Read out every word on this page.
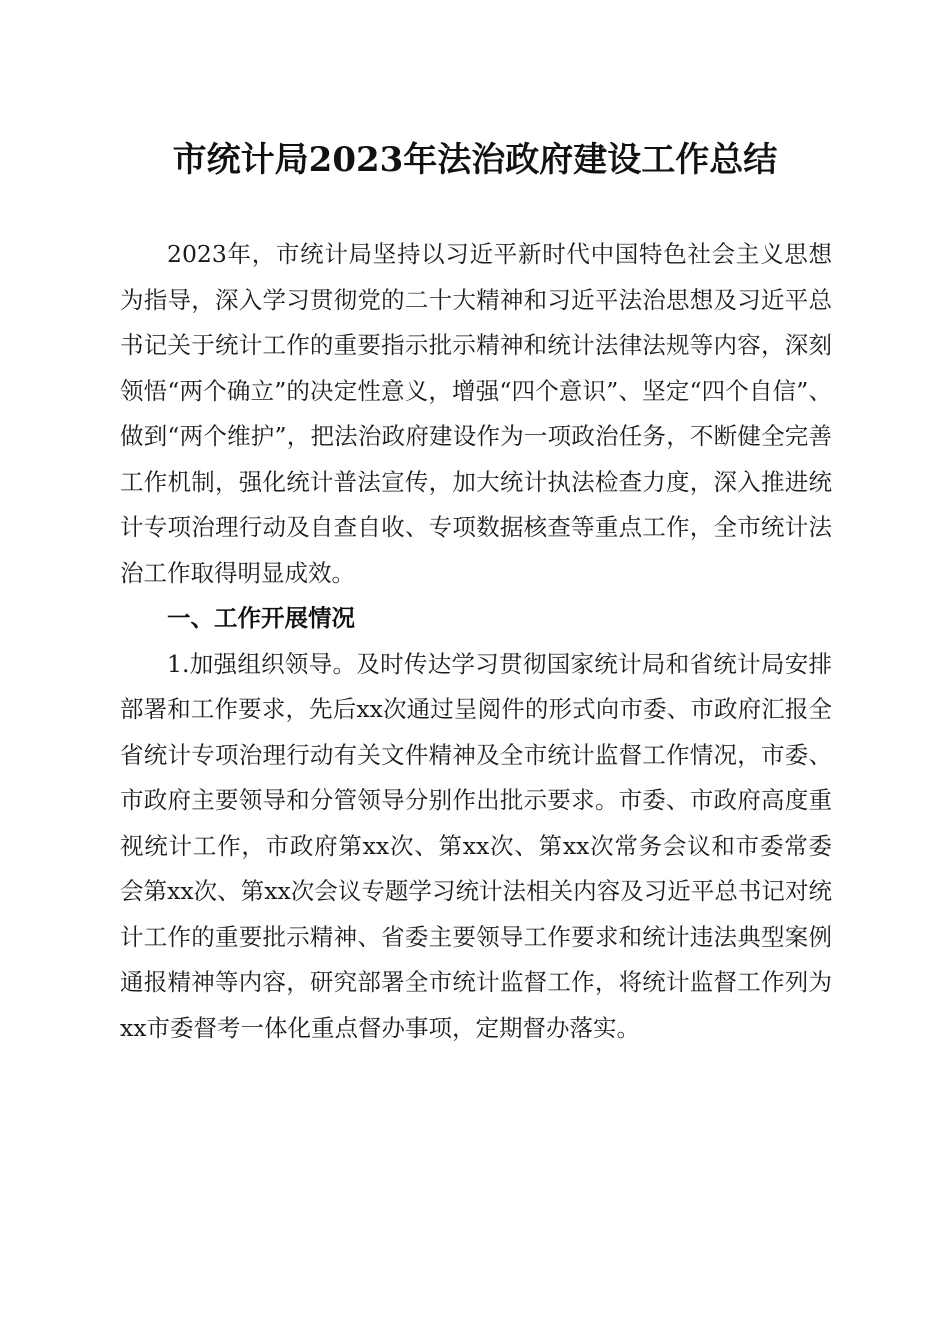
市统计局2023年法治政府建设工作总结

2023年，市统计局坚持以习近平新时代中国特色社会主义思想为指导，深入学习贯彻党的二十大精神和习近平法治思想及习近平总书记关于统计工作的重要指示批示精神和统计法律法规等内容，深刻领悟“两个确立”的决定性意义，增强“四个意识”、坚定“四个自信”、做到“两个维护”，把法治政府建设作为一项政治任务，不断健全完善工作机制，强化统计普法宣传，加大统计执法检查力度，深入推进统计专项治理行动及自查自收、专项数据核查等重点工作，全市统计法治工作取得明显成效。

一、工作开展情况

1.加强组织领导。及时传达学习贯彻国家统计局和省统计局安排部署和工作要求，先后xx次通过呈阅件的形式向市委、市政府汇报全省统计专项治理行动有关文件精神及全市统计监督工作情况，市委、市政府主要领导和分管领导分别作出批示要求。市委、市政府高度重视统计工作，市政府第xx次、第xx次、第xx次常务会议和市委常委会第xx次、第xx次会议专题学习统计法相关内容及习近平总书记对统计工作的重要批示精神、省委主要领导工作要求和统计违法典型案例通报精神等内容，研究部署全市统计监督工作，将统计监督工作列为xx市委督考一体化重点督办事项，定期督办落实。
